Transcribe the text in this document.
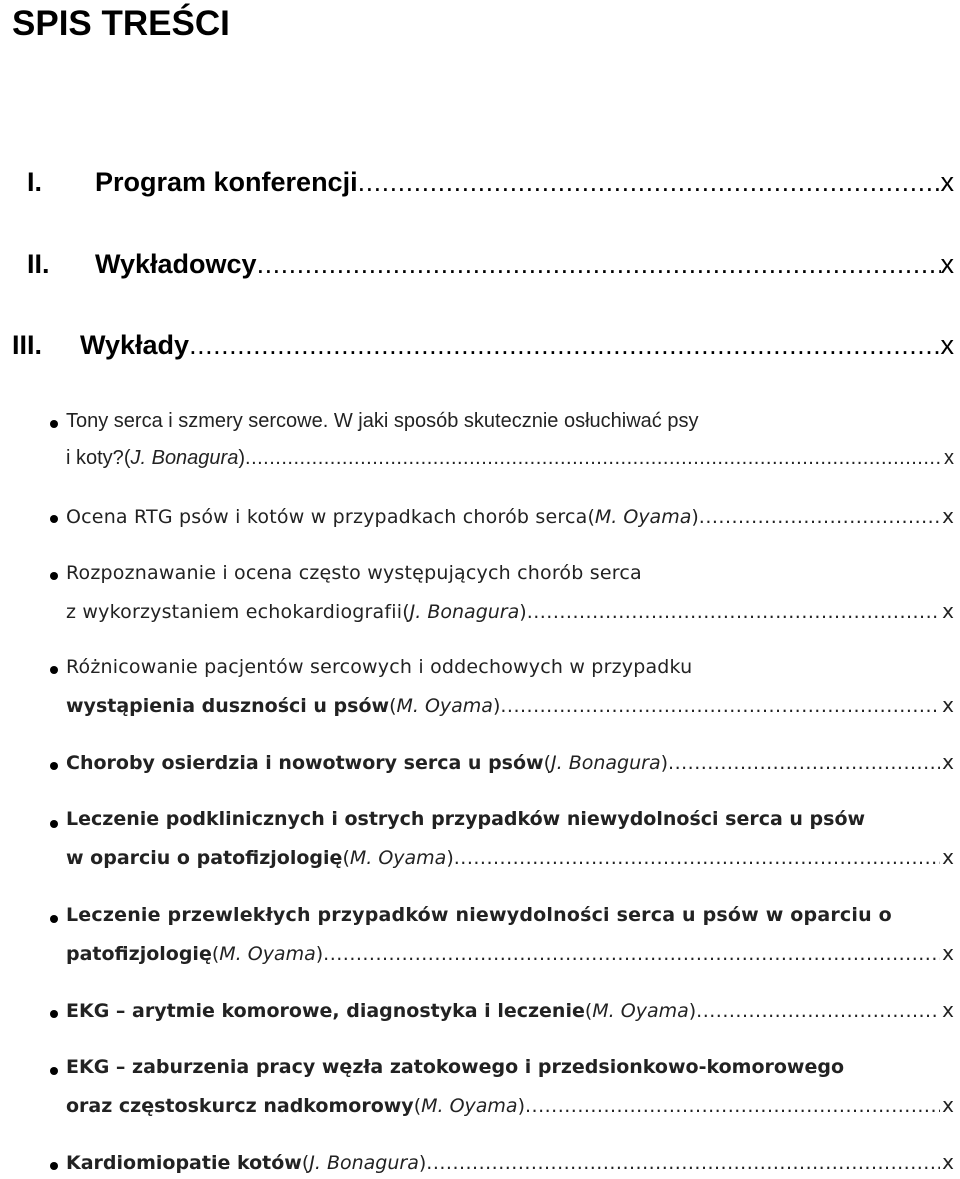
SPIS TREŚCI
I.	Program konferencji .....	x
II.	Wykładowcy .....	x
III.	Wykłady .....	x
Tony serca i szmery sercowe. W jaki sposób skutecznie osłuchiwać psy
i koty? ( J. Bonagura ) .....	x
Ocena RTG psów i kotów w przypadkach chorób serca ( M. Oyama ) .....	x
Rozpoznawanie i ocena często występujących chorób serca
z wykorzystaniem echokardiografii ( J. Bonagura ) .....	x
Różnicowanie pacjentów sercowych i oddechowych w przypadku
wystąpienia duszności u psów ( M. Oyama ) .....	x
Choroby osierdzia i nowotwory serca u psów ( J. Bonagura ) .....	x
Leczenie podklinicznych i ostrych przypadków niewydolności serca u psów
w oparciu o patofizjologię ( M. Oyama ) .....	x
Leczenie przewlekłych przypadków niewydolności serca u psów w oparciu o
patofizjologię ( M. Oyama ) .....	x
EKG – arytmie komorowe, diagnostyka i leczenie ( M. Oyama ) .....	x
EKG – zaburzenia pracy węzła zatokowego i przedsionkowo-komorowego
oraz częstoskurcz nadkomorowy ( M. Oyama ) .....	x
Kardiomiopatie kotów ( J. Bonagura ) .....	x
